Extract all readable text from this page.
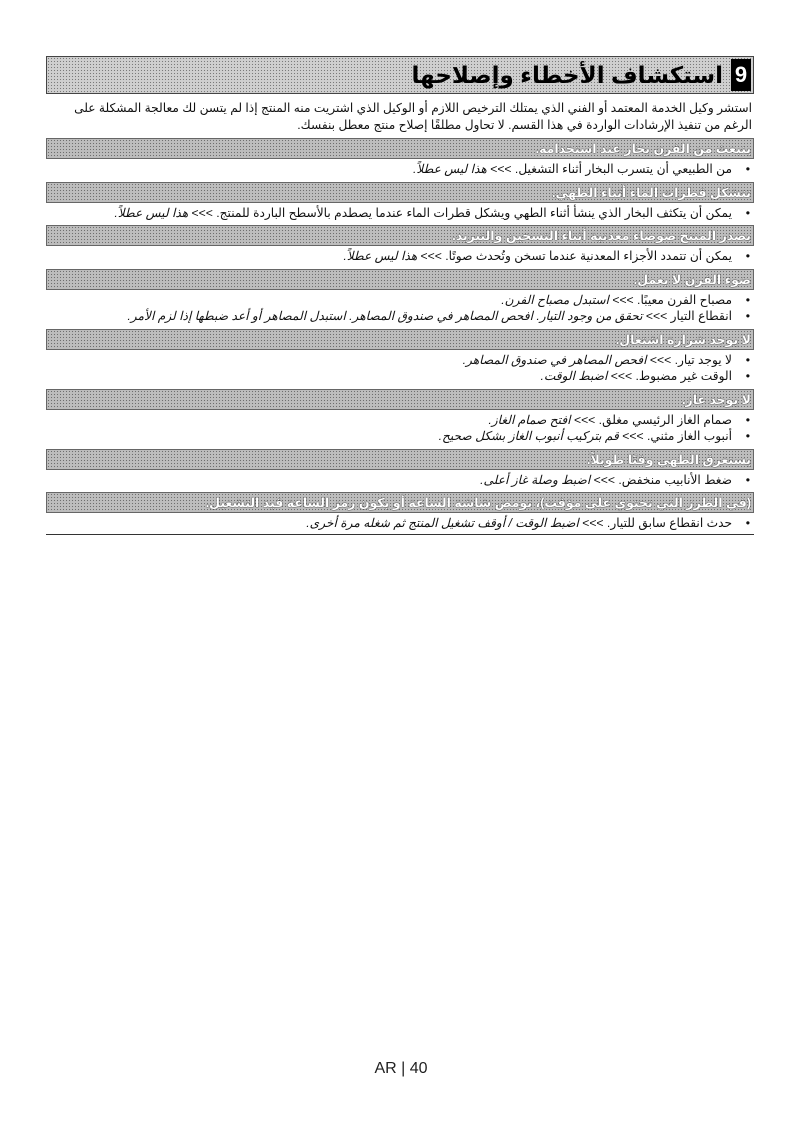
9
استكشاف الأخطاء وإصلاحها
استشر وكيل الخدمة المعتمد أو الفني الذي يمتلك الترخيص اللازم أو الوكيل الذي اشتريت منه المنتج إذا لم يتسن لك معالجة المشكلة على الرغم من تنفيذ الإرشادات الواردة في هذا القسم. لا تحاول مطلقًا إصلاح منتج معطل بنفسك.
ينبعث من الفرن بخار عند استخدامه.
• من الطبيعي أن يتسرب البخار أثناء التشغيل. >>> هذا ليس عطلاً.
تتشكل قطرات الماء أثناء الطهي.
• يمكن أن يتكثف البخار الذي ينشأ أثناء الطهي ويشكل قطرات الماء عندما يصطدم بالأسطح الباردة للمنتج. >>> هذا ليس عطلاً.
يصدر المنتج ضوضاء معدنية أثناء التسخين والتبريد.
• يمكن أن تتمدد الأجزاء المعدنية عندما تسخن وتُحدث صوتًا. >>> هذا ليس عطلاً.
ضوء الفرن لا يعمل.
• مصباح الفرن معيبًا. >>> استبدل مصباح الفرن.
• انقطاع التيار >>> تحقق من وجود التيار. افحص المصاهر في صندوق المصاهر. استبدل المصاهر أو أعد ضبطها إذا لزم الأمر.
لا يوجد شرارة اشتعال.
• لا يوجد تيار. >>> افحص المصاهر في صندوق المصاهر.
• الوقت غير مضبوط. >>> اضبط الوقت.
لا يوجد غاز.
• صمام الغاز الرئيسي مغلق. >>> افتح صمام الغاز.
• أنبوب الغاز مثني. >>> قم بتركيب أنبوب الغاز بشكل صحيح.
يستغرق الطهي وقتًا طويلاً.
• ضغط الأنابيب منخفض. >>> اضبط وصلة غاز أعلى.
(في الطرز التي تحتوي على مؤقت)، تومض شاشة الساعة أو يكون رمز الساعة قيد التشغيل.
• حدث انقطاع سابق للتيار. >>> اضبط الوقت / أوقف تشغيل المنتج ثم شغله مرة أخرى.
AR | 40
